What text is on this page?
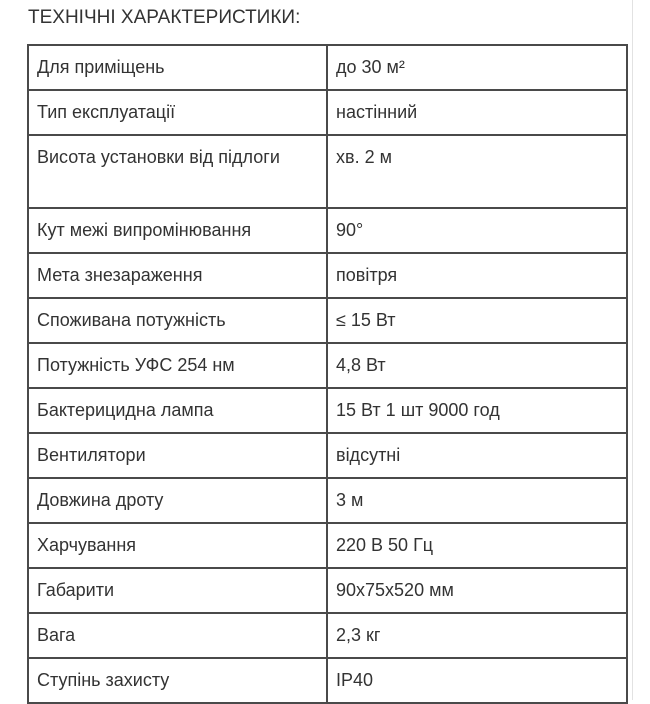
ТЕХНІЧНІ ХАРАКТЕРИСТИКИ:
Для приміщень	до 30 м²
Тип експлуатації	настінний
Висота установки від підлоги	хв. 2 м
Кут межі випромінювання	90°
Мета знезараження	повітря
Споживана потужність	≤ 15 Вт
Потужність УФС 254 нм	4,8 Вт
Бактерицидна лампа	15 Вт 1 шт 9000 год
Вентилятори	відсутні
Довжина дроту	3 м
Харчування	220 В 50 Гц
Габарити	90х75х520 мм
Вага	2,3 кг
Ступінь захисту	IP40
